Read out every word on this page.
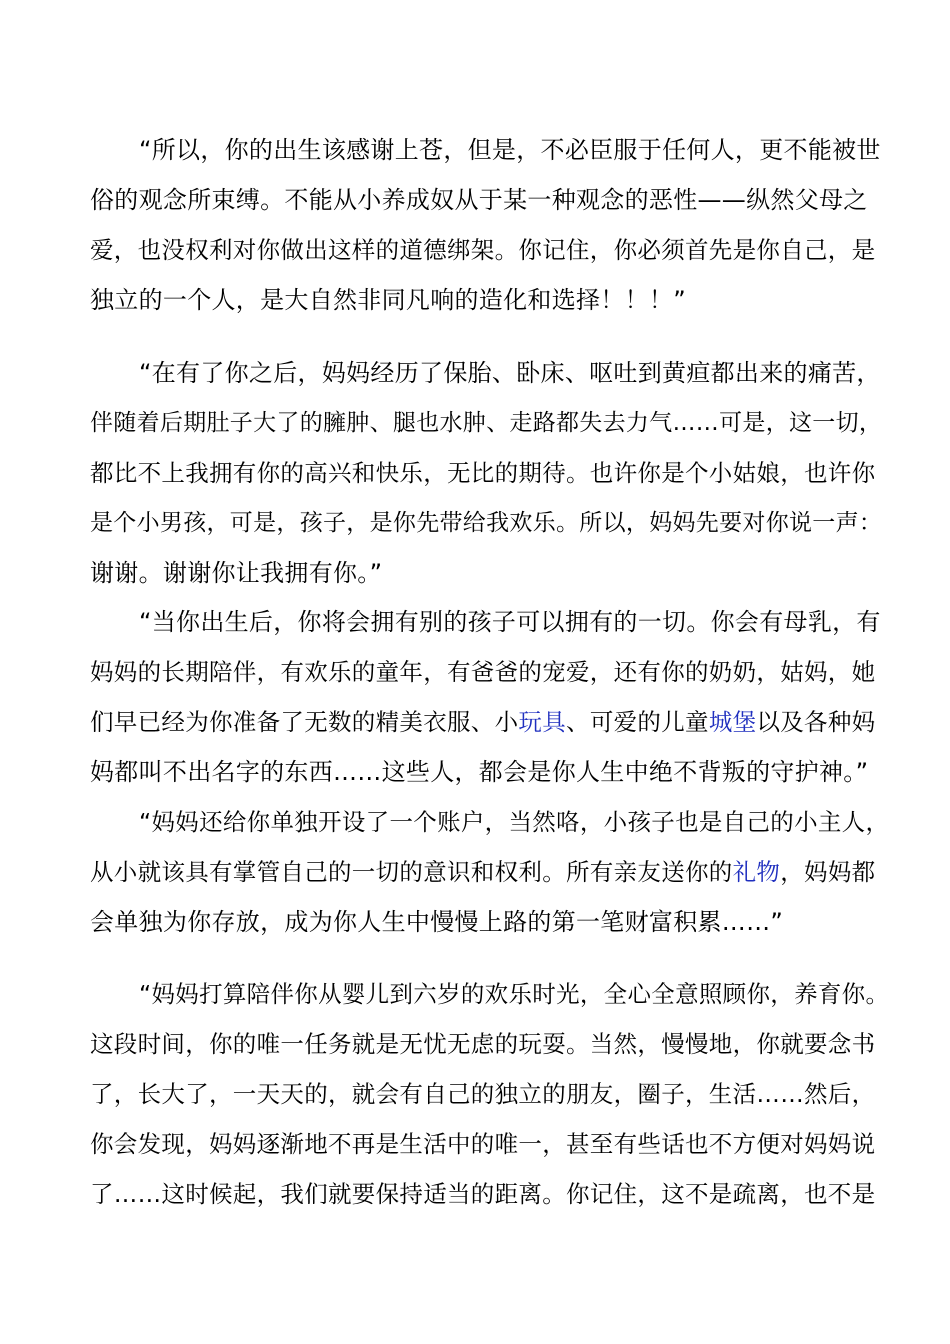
“所以，你的出生该感谢上苍，但是，不必臣服于任何人，更不能被世
俗的观念所束缚。不能从小养成奴从于某一种观念的恶性——纵然父母之
爱，也没权利对你做出这样的道德绑架。你记住，你必须首先是你自己，是
独立的一个人，是大自然非同凡响的造化和选择！！！”
“在有了你之后，妈妈经历了保胎、卧床、呕吐到黄疸都出来的痛苦，
伴随着后期肚子大了的臃肿、腿也水肿、走路都失去力气……可是，这一切，
都比不上我拥有你的高兴和快乐，无比的期待。也许你是个小姑娘，也许你
是个小男孩，可是，孩子，是你先带给我欢乐。所以，妈妈先要对你说一声：
谢谢。谢谢你让我拥有你。”
“当你出生后，你将会拥有别的孩子可以拥有的一切。你会有母乳，有
妈妈的长期陪伴，有欢乐的童年，有爸爸的宠爱，还有你的奶奶，姑妈，她
们早已经为你准备了无数的精美衣服、小玩具、可爱的儿童城堡以及各种妈
妈都叫不出名字的东西……这些人，都会是你人生中绝不背叛的守护神。”
“妈妈还给你单独开设了一个账户，当然咯，小孩子也是自己的小主人，
从小就该具有掌管自己的一切的意识和权利。所有亲友送你的礼物，妈妈都
会单独为你存放，成为你人生中慢慢上路的第一笔财富积累……”
“妈妈打算陪伴你从婴儿到六岁的欢乐时光，全心全意照顾你，养育你。
这段时间，你的唯一任务就是无忧无虑的玩耍。当然，慢慢地，你就要念书
了，长大了，一天天的，就会有自己的独立的朋友，圈子，生活……然后，
你会发现，妈妈逐渐地不再是生活中的唯一，甚至有些话也不方便对妈妈说
了……这时候起，我们就要保持适当的距离。你记住，这不是疏离，也不是
